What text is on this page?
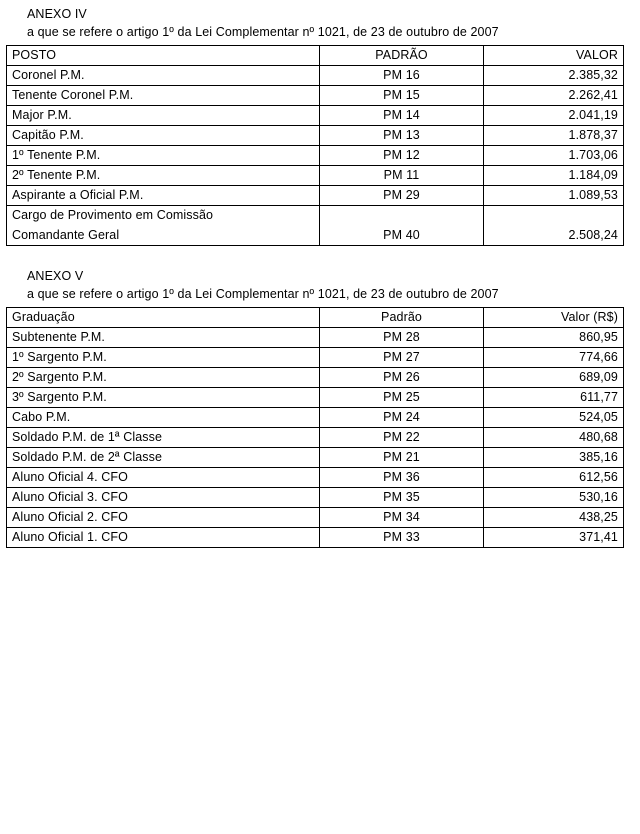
ANEXO IV
a que se refere o artigo 1º da Lei Complementar nº 1021, de 23 de outubro de 2007
POSTO	PADRÃO	VALOR
Coronel P.M.	PM 16	2.385,32
Tenente Coronel P.M.	PM 15	2.262,41
Major P.M.	PM 14	2.041,19
Capitão P.M.	PM 13	1.878,37
1º Tenente P.M.	PM 12	1.703,06
2º Tenente P.M.	PM 11	1.184,09
Aspirante a Oficial P.M.	PM 29	1.089,53
Cargo de Provimento em Comissão		
Comandante Geral	PM 40	2.508,24
ANEXO V
a que se refere o artigo 1º da Lei Complementar nº 1021, de 23 de outubro de 2007
Graduação	Padrão	Valor (R$)
Subtenente P.M.	PM 28	860,95
1º Sargento P.M.	PM 27	774,66
2º Sargento P.M.	PM 26	689,09
3º Sargento P.M.	PM 25	611,77
Cabo P.M.	PM 24	524,05
Soldado P.M. de 1ª Classe	PM 22	480,68
Soldado P.M. de 2ª Classe	PM 21	385,16
Aluno Oficial 4. CFO	PM 36	612,56
Aluno Oficial 3. CFO	PM 35	530,16
Aluno Oficial 2. CFO	PM 34	438,25
Aluno Oficial 1. CFO	PM 33	371,41
